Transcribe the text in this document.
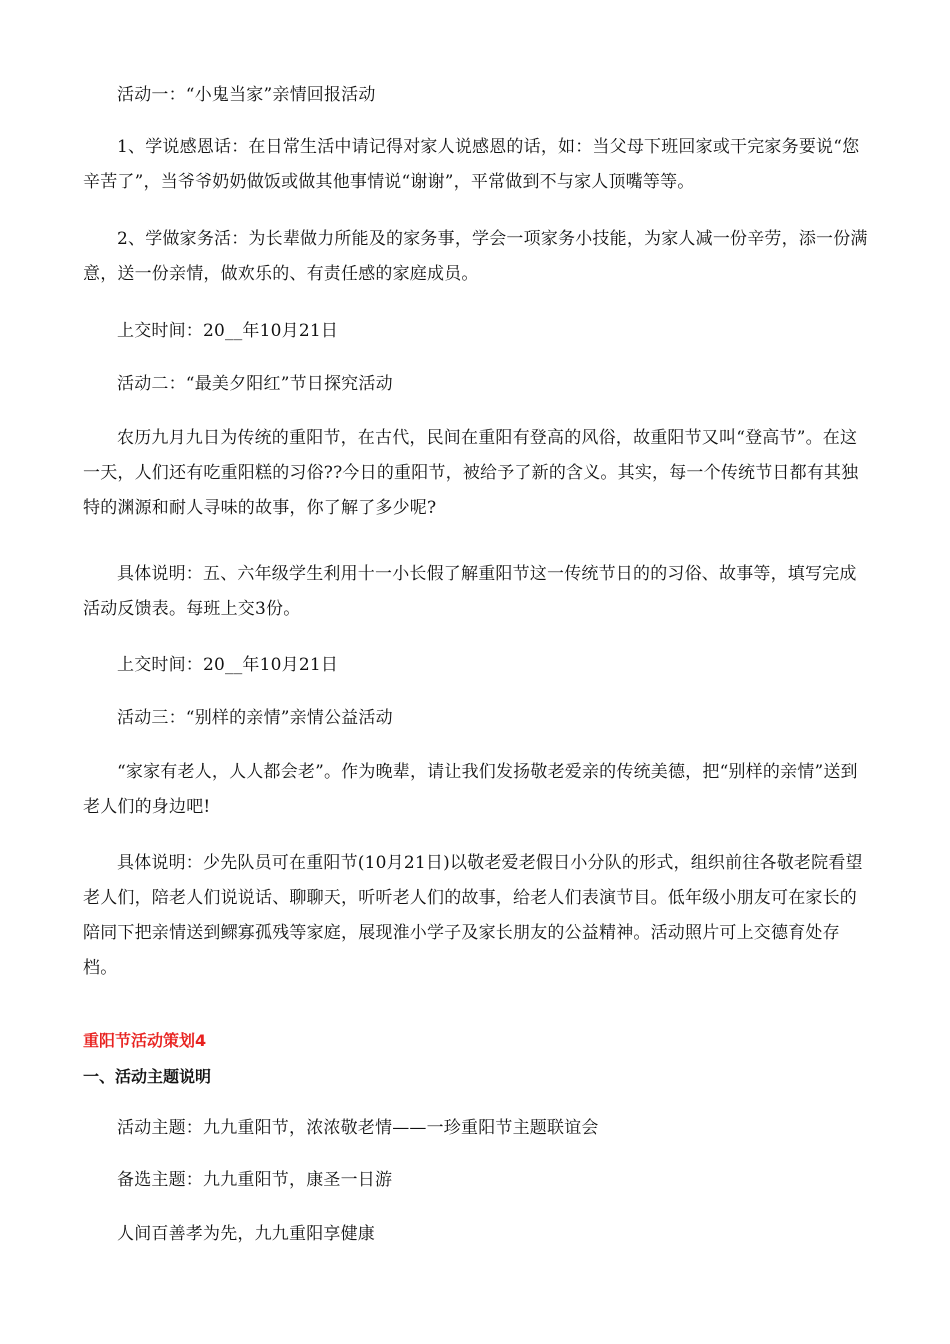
活动一：“小鬼当家”亲情回报活动

1、学说感恩话：在日常生活中请记得对家人说感恩的话，如：当父母下班回家或干完家务要说“您辛苦了”，当爷爷奶奶做饭或做其他事情说“谢谢”，平常做到不与家人顶嘴等等。

2、学做家务活：为长辈做力所能及的家务事，学会一项家务小技能，为家人减一份辛劳，添一份满意，送一份亲情，做欢乐的、有责任感的家庭成员。

上交时间：20__年10月21日

活动二：“最美夕阳红”节日探究活动

农历九月九日为传统的重阳节，在古代，民间在重阳有登高的风俗，故重阳节又叫“登高节”。在这一天，人们还有吃重阳糕的习俗??今日的重阳节，被给予了新的含义。其实，每一个传统节日都有其独特的渊源和耐人寻味的故事，你了解了多少呢?

具体说明：五、六年级学生利用十一小长假了解重阳节这一传统节日的的习俗、故事等，填写完成活动反馈表。每班上交3份。

上交时间：20__年10月21日

活动三：“别样的亲情”亲情公益活动

“家家有老人，人人都会老”。作为晚辈，请让我们发扬敬老爱亲的传统美德，把“别样的亲情”送到老人们的身边吧!

具体说明：少先队员可在重阳节(10月21日)以敬老爱老假日小分队的形式，组织前往各敬老院看望老人们，陪老人们说说话、聊聊天，听听老人们的故事，给老人们表演节目。低年级小朋友可在家长的陪同下把亲情送到鳏寡孤残等家庭，展现淮小学子及家长朋友的公益精神。活动照片可上交德育处存档。

重阳节活动策划4
一、活动主题说明

活动主题：九九重阳节，浓浓敬老情——一珍重阳节主题联谊会

备选主题：九九重阳节，康圣一日游

人间百善孝为先，九九重阳享健康
